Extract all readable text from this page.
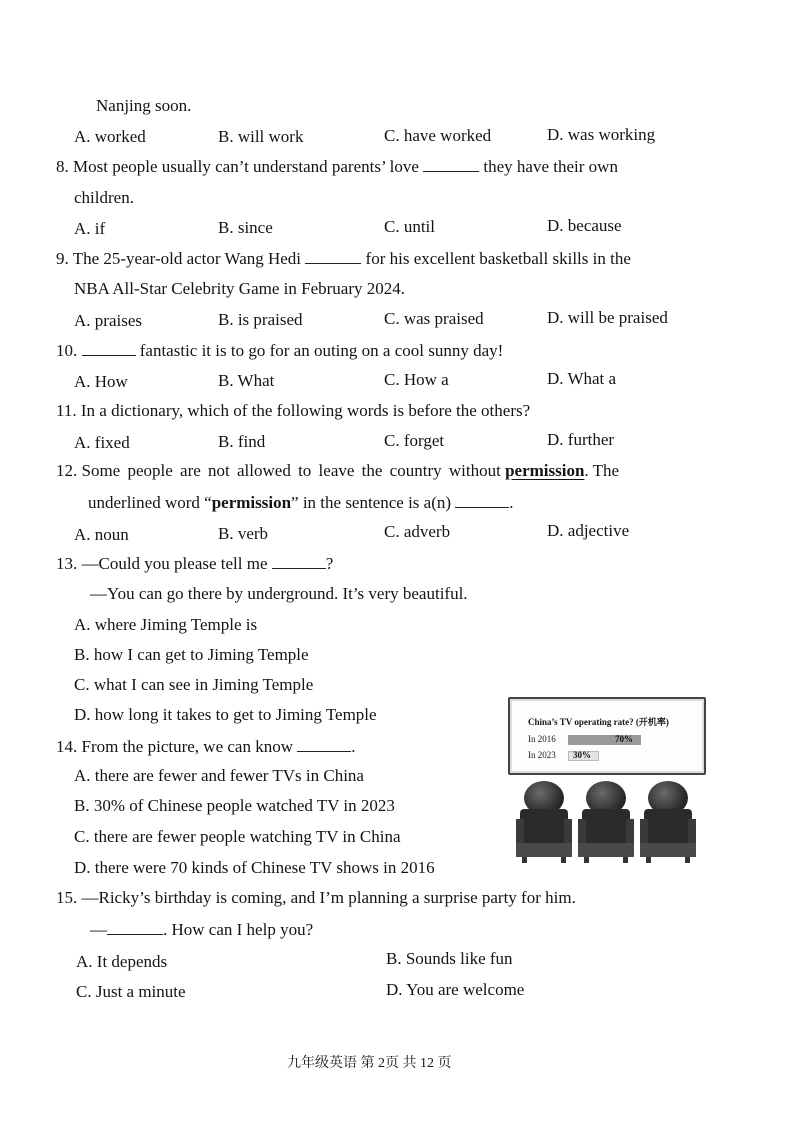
Nanjing soon.
A. worked	B. will work	C. have worked	D. was working
8. Most people usually can’t understand parents’ love	they have their own
children.
A. if	B. since	C. until	D. because
9. The 25-year-old actor Wang Hedi	for his excellent basketball skills in the
NBA All-Star Celebrity Game in February 2024.
A. praises	B. is praised	C. was praised	D. will be praised
10.	fantastic it is to go for an outing on a cool sunny day!
A. How	B. What	C. How a	D. What a
11. In a dictionary, which of the following words is before the others?
A. fixed	B. find	C. forget	D. further
12. Some people are not allowed to leave the country without permission. The
underlined word “permission” in the sentence is a(n)	.
A. noun	B. verb	C. adverb	D. adjective
13. —Could you please tell me	?
—You can go there by underground. It’s very beautiful.
A. where Jiming Temple is
B. how I can get to Jiming Temple
C. what I can see in Jiming Temple
D. how long it takes to get to Jiming Temple
14. From the picture, we can know	.
A. there are fewer and fewer TVs in China
B. 30% of Chinese people watched TV in 2023
C. there are fewer people watching TV in China
D. there were 70 kinds of Chinese TV shows in 2016
China’s TV operating rate? (开机率)
In 2016	70%
In 2023 30%
15. —Ricky’s birthday is coming, and I’m planning a surprise party for him.
—	. How can I help you?
A. It depends	B. Sounds like fun
C. Just a minute	D. You are welcome
九年级英语 第 2页 共 12 页
